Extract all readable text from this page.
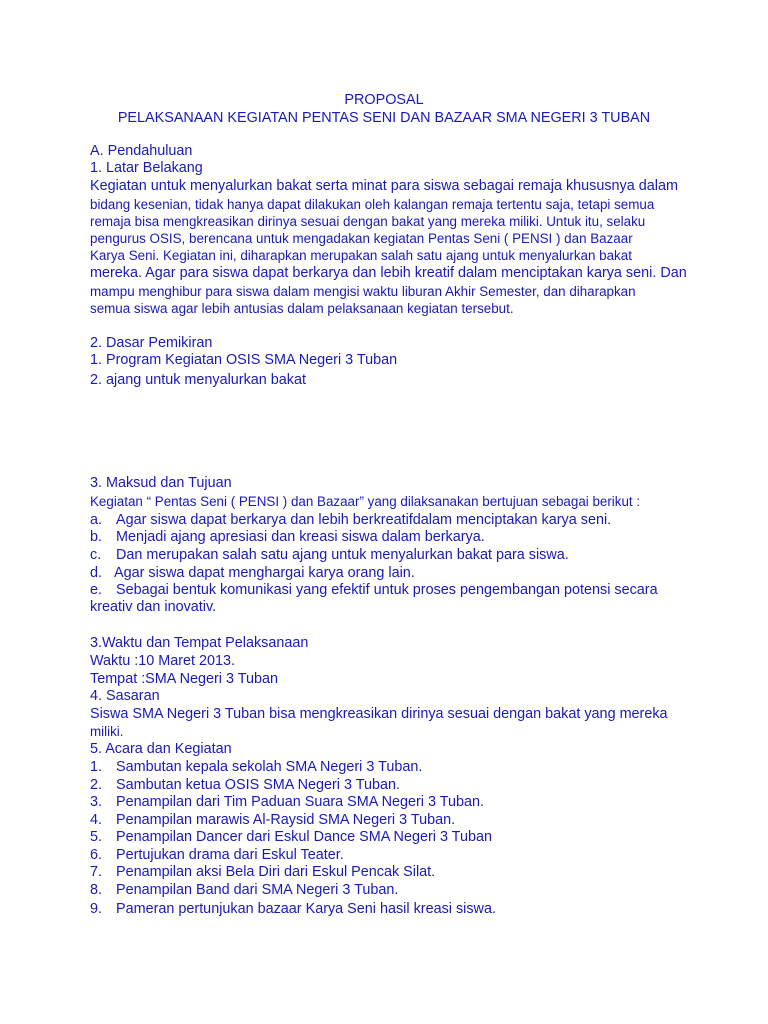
PROPOSAL
PELAKSANAAN KEGIATAN PENTAS SENI DAN BAZAAR SMA NEGERI 3 TUBAN
A. Pendahuluan
1. Latar Belakang
Kegiatan untuk menyalurkan bakat serta minat para siswa sebagai remaja khususnya dalam
bidang kesenian, tidak hanya dapat dilakukan oleh kalangan remaja tertentu saja, tetapi semua
remaja bisa mengkreasikan dirinya sesuai dengan bakat yang mereka miliki. Untuk itu, selaku
pengurus OSIS, berencana untuk mengadakan kegiatan Pentas Seni ( PENSI ) dan Bazaar
Karya Seni. Kegiatan ini, diharapkan merupakan salah satu ajang untuk menyalurkan bakat
mereka. Agar para siswa dapat berkarya dan lebih kreatif dalam menciptakan karya seni. Dan
mampu menghibur para siswa dalam mengisi waktu liburan Akhir Semester, dan diharapkan
semua siswa agar lebih antusias dalam pelaksanaan kegiatan tersebut.
2. Dasar Pemikiran
1. Program Kegiatan OSIS SMA Negeri 3 Tuban
2. ajang untuk menyalurkan bakat
3. Maksud dan Tujuan
Kegiatan “ Pentas Seni ( PENSI ) dan Bazaar” yang dilaksanakan bertujuan sebagai berikut :
a. Agar siswa dapat berkarya dan lebih berkreatifdalam menciptakan karya seni.
b. Menjadi ajang apresiasi dan kreasi siswa dalam berkarya.
c. Dan merupakan salah satu ajang untuk menyalurkan bakat para siswa.
d. Agar siswa dapat menghargai karya orang lain.
e. Sebagai bentuk komunikasi yang efektif untuk proses pengembangan potensi secara
kreativ dan inovativ.
3.Waktu dan Tempat Pelaksanaan
Waktu :10 Maret 2013.
Tempat :SMA Negeri 3 Tuban
4. Sasaran
Siswa SMA Negeri 3 Tuban bisa mengkreasikan dirinya sesuai dengan bakat yang mereka
miliki.
5. Acara dan Kegiatan
1. Sambutan kepala sekolah SMA Negeri 3 Tuban.
2. Sambutan ketua OSIS SMA Negeri 3 Tuban.
3. Penampilan dari Tim Paduan Suara SMA Negeri 3 Tuban.
4. Penampilan marawis Al-Raysid SMA Negeri 3 Tuban.
5. Penampilan Dancer dari Eskul Dance SMA Negeri 3 Tuban
6. Pertujukan drama dari Eskul Teater.
7. Penampilan aksi Bela Diri dari Eskul Pencak Silat.
8. Penampilan Band dari SMA Negeri 3 Tuban.
9. Pameran pertunjukan bazaar Karya Seni hasil kreasi siswa.
